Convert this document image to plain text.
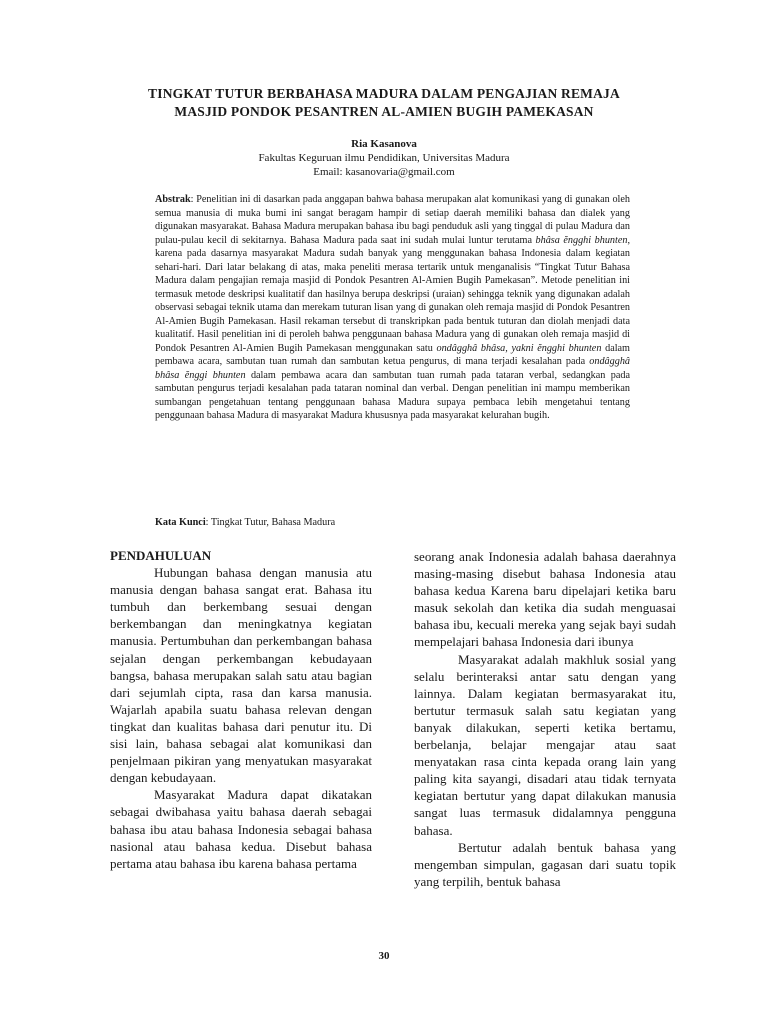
TINGKAT TUTUR BERBAHASA MADURA DALAM PENGAJIAN REMAJA
MASJID PONDOK PESANTREN AL-AMIEN BUGIH PAMEKASAN
Ria Kasanova
Fakultas Keguruan ilmu Pendidikan, Universitas Madura
Email: kasanovaria@gmail.com
Abstrak: Penelitian ini di dasarkan pada anggapan bahwa bahasa merupakan alat komunikasi yang di gunakan oleh semua manusia di muka bumi ini sangat beragam hampir di setiap daerah memiliki bahasa dan dialek yang digunakan masyarakat. Bahasa Madura merupakan bahasa ibu bagi penduduk asli yang tinggal di pulau Madura dan pulau-pulau kecil di sekitarnya. Bahasa Madura pada saat ini sudah mulai luntur terutama bhâsa ĕngghi bhunten, karena pada dasarnya masyarakat Madura sudah banyak yang menggunakan bahasa Indonesia dalam kegiatan sehari-hari. Dari latar belakang di atas, maka peneliti merasa tertarik untuk menganalisis “Tingkat Tutur Bahasa Madura dalam pengajian remaja masjid di Pondok Pesantren Al-Amien Bugih Pamekasan”. Metode penelitian ini termasuk metode deskripsi kualitatif dan hasilnya berupa deskripsi (uraian) sehingga teknik yang digunakan adalah observasi sebagai teknik utama dan merekam tuturan lisan yang di gunakan oleh remaja masjid di Pondok Pesantren Al-Amien Bugih Pamekasan. Hasil rekaman tersebut di transkripkan pada bentuk tuturan dan diolah menjadi data kualitatif. Hasil penelitian ini di peroleh bahwa penggunaan bahasa Madura yang di gunakan oleh remaja masjid di Pondok Pesantren Al-Amien Bugih Pamekasan menggunakan satu ondâgghâ bhâsa, yakni ĕngghi bhunten dalam pembawa acara, sambutan tuan rumah dan sambutan ketua pengurus, di mana terjadi kesalahan pada ondâgghâ bhâsa ĕnggi bhunten dalam pembawa acara dan sambutan tuan rumah pada tataran verbal, sedangkan pada sambutan pengurus terjadi kesalahan pada tataran nominal dan verbal. Dengan penelitian ini mampu memberikan sumbangan pengetahuan tentang penggunaan bahasa Madura supaya pembaca lebih mengetahui tentang penggunaan bahasa Madura di masyarakat Madura khususnya pada masyarakat kelurahan bugih.
Kata Kunci: Tingkat Tutur, Bahasa Madura

PENDAHULUAN

Hubungan bahasa dengan manusia atu manusia dengan bahasa sangat erat. Bahasa itu tumbuh dan berkembang sesuai dengan berkembangan dan meningkatnya kegiatan manusia. Pertumbuhan dan perkembangan bahasa sejalan dengan perkembangan kebudayaan bangsa, bahasa merupakan salah satu atau bagian dari sejumlah cipta, rasa dan karsa manusia. Wajarlah apabila suatu bahasa relevan dengan tingkat dan kualitas bahasa dari penutur itu. Di sisi lain, bahasa sebagai alat komunikasi dan penjelmaan pikiran yang menyatukan masyarakat dengan kebudayaan.

Masyarakat Madura dapat dikatakan sebagai dwibahasa yaitu bahasa daerah sebagai bahasa ibu atau bahasa Indonesia sebagai bahasa nasional atau bahasa kedua. Disebut bahasa pertama atau bahasa ibu karena bahasa pertama

seorang anak Indonesia adalah bahasa daerahnya masing-masing disebut bahasa Indonesia atau bahasa kedua Karena baru dipelajari ketika baru masuk sekolah dan ketika dia sudah menguasai bahasa ibu, kecuali mereka yang sejak bayi sudah mempelajari bahasa Indonesia dari ibunya

Masyarakat adalah makhluk sosial yang selalu berinteraksi antar satu dengan yang lainnya. Dalam kegiatan bermasyarakat itu, bertutur termasuk salah satu kegiatan yang banyak dilakukan, seperti ketika bertamu, berbelanja, belajar mengajar atau saat menyatakan rasa cinta kepada orang lain yang paling kita sayangi, disadari atau tidak ternyata kegiatan bertutur yang dapat dilakukan manusia sangat luas termasuk didalamnya pengguna bahasa.

Bertutur adalah bentuk bahasa yang mengemban simpulan, gagasan dari suatu topik yang terpilih, bentuk bahasa

30
